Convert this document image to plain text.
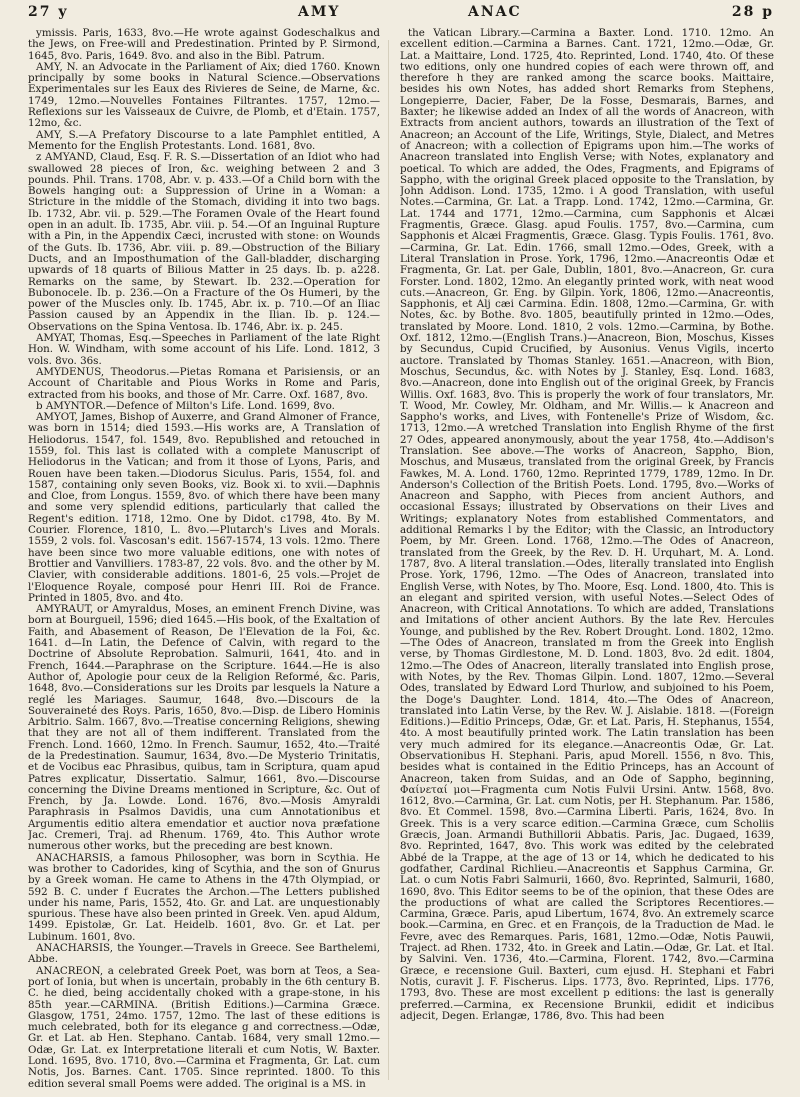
27 y	AMY	ANAC	28 p

ymissis. Paris, 1633, 8vo.—He wrote against Godeschalkus and the Jews, on Free-will and Predestination. Printed by P. Sirmond, 1645, 8vo. Paris, 1649. 8vo. and also in the Bibl. Patrum.

AMY, N. an Advocate in the Parliament of Aix; died 1760. Known principally by some books in Natural Science.—Observations Experimentales sur les Eaux des Rivieres de Seine, de Marne, &c. 1749, 12mo.—Nouvelles Fontaines Filtrantes. 1757, 12mo.—Reflexions sur les Vaisseaux de Cuivre, de Plomb, et d'Etain. 1757, 12mo, &c.

AMY, S.—A Prefatory Discourse to a late Pamphlet entitled, A Memento for the English Protestants. Lond. 1681, 8vo.

z AMYAND, Claud, Esq. F. R. S.—Dissertation of an Idiot who had swallowed 28 pieces of Iron, &c. weighing between 2 and 3 pounds. Phil. Trans. 1708, Abr. v. p. 433.—Of a Child born with the Bowels hanging out: a Suppression of Urine in a Woman: a Stricture in the middle of the Stomach, dividing it into two bags. Ib. 1732, Abr. vii. p. 529.—The Foramen Ovale of the Heart found open in an adult. Ib. 1735, Abr. viii. p. 54.—Of an Inguinal Rupture with a Pin, in the Appendix Cæci, incrusted with stone: on Wounds of the Guts. Ib. 1736, Abr. viii. p. 89.—Obstruction of the Biliary Ducts, and an Imposthumation of the Gall-bladder, discharging upwards of 18 quarts of Bilious Matter in 25 days. Ib. p. a228. Remarks on the same, by Stewart. Ib. 232.—Operation for Bubonocele. Ib. p. 236.—On a Fracture of the Os Humeri, by the power of the Muscles only. Ib. 1745, Abr. ix. p. 710.—Of an Iliac Passion caused by an Appendix in the Ilian. Ib. p. 124.—Observations on the Spina Ventosa. Ib. 1746, Abr. ix. p. 245.

AMYAT, Thomas, Esq.—Speeches in Parliament of the late Right Hon. W. Windham, with some account of his Life. Lond. 1812, 3 vols. 8vo. 36s.

AMYDENUS, Theodorus.—Pietas Romana et Parisiensis, or an Account of Charitable and Pious Works in Rome and Paris, extracted from his books, and those of Mr. Carre. Oxf. 1687, 8vo.

b AMYNTOR.—Defence of Milton's Life. Lond. 1699, 8vo.

AMYOT, James, Bishop of Auxerre, and Grand Almoner of France, was born in 1514; died 1593.—His works are, A Translation of Heliodorus. 1547, fol. 1549, 8vo. Republished and retouched in 1559, fol. This last is collated with a complete Manuscript of Heliodorus in the Vatican; and from it those of Lyons, Paris, and Rouen have been taken.—Diodorus Siculus. Paris, 1554, fol. and 1587, containing only seven Books, viz. Book xi. to xvii.—Daphnis and Cloe, from Longus. 1559, 8vo. of which there have been many and some very splendid editions, particularly that called the Regent's edition. 1718, 12mo. One by Didot. c1798, 4to. By M. Courier. Florence, 1810, L. 8vo.—Plutarch's Lives and Morals. 1559, 2 vols. fol. Vascosan's edit. 1567-1574, 13 vols. 12mo. There have been since two more valuable editions, one with notes of Brottier and Vanvilliers. 1783-87, 22 vols. 8vo. and the other by M. Clavier, with considerable additions. 1801-6, 25 vols.—Projet de l'Eloquence Royale, composé pour Henri III. Roi de France. Printed in 1805, 8vo. and 4to.

AMYRAUT, or Amyraldus, Moses, an eminent French Divine, was born at Bourgueil, 1596; died 1645.—His book, of the Exaltation of Faith, and Abasement of Reason, De l'Elevation de la Foi, &c. 1641. d—In Latin, the Defence of Calvin, with regard to the Doctrine of Absolute Reprobation. Salmurii, 1641, 4to. and in French, 1644.—Paraphrase on the Scripture. 1644.—He is also Author of, Apologie pour ceux de la Religion Reformé, &c. Paris, 1648, 8vo.—Considerations sur les Droits par lesquels la Nature a reglé les Mariages. Saumur, 1648, 8vo.—Discours de la Souveraineté des Roys. Paris, 1650, 8vo.—Disp. de Libero Hominis Arbitrio. Salm. 1667, 8vo.—Treatise concerning Religions, shewing that they are not all of them indifferent. Translated from the French. Lond. 1660, 12mo. In French. Saumur, 1652, 4to.—Traité de la Predestination. Saumur, 1634, 8vo.—De Mysterio Trinitatis, et de Vocibus eac Phrasibus, quibus, tam in Scriptura, quam apud Patres explicatur, Dissertatio. Salmur, 1661, 8vo.—Discourse concerning the Divine Dreams mentioned in Scripture, &c. Out of French, by Ja. Lowde. Lond. 1676, 8vo.—Mosis Amyraldi Paraphrasis in Psalmos Davidis, una cum Annotationibus et Argumentis editio altera emendatior et auctior nova præfatione Jac. Cremeri, Traj. ad Rhenum. 1769, 4to. This Author wrote numerous other works, but the preceding are best known.

ANACHARSIS, a famous Philosopher, was born in Scythia. He was brother to Cadorides, king of Scythia, and the son of Gnurus by a Greek woman. He came to Athens in the 47th Olympiad, or 592 B. C. under f Eucrates the Archon.—The Letters published under his name, Paris, 1552, 4to. Gr. and Lat. are unquestionably spurious. These have also been printed in Greek. Ven. apud Aldum, 1499. Epistolæ, Gr. Lat. Heidelb. 1601, 8vo. Gr. et Lat. per Lubinum. 1601, 8vo.

ANACHARSIS, the Younger.—Travels in Greece. See Barthelemi, Abbe.

ANACREON, a celebrated Greek Poet, was born at Teos, a Sea-port of Ionia, but when is uncertain, probably in the 6th century B. C. he died, being accidentally choked with a grape-stone, in his 85th year.—CARMINA. (British Editions.)—Carmina Græce. Glasgow, 1751, 24mo. 1757, 12mo. The last of these editions is much celebrated, both for its elegance g and correctness.—Odæ, Gr. et Lat. ab Hen. Stephano. Cantab. 1684, very small 12mo.—Odæ, Gr. Lat. ex Interpretatione literali et cum Notis, W. Baxter. Lond. 1695, 8vo. 1710, 8vo.—Carmina et Fragmenta, Gr. Lat. cum Notis, Jos. Barnes. Cant. 1705. Since reprinted. 1800. To this edition several small Poems were added. The original is a MS. in

the Vatican Library.—Carmina a Baxter. Lond. 1710. 12mo. An excellent edition.—Carmina a Barnes. Cant. 1721, 12mo.—Odæ, Gr. Lat. a Maittaire, Lond. 1725, 4to. Reprinted, Lond. 1740, 4to. Of these two editions, only one hundred copies of each were thrown off, and therefore h they are ranked among the scarce books. Maittaire, besides his own Notes, has added short Remarks from Stephens, Longepierre, Dacier, Faber, De la Fosse, Desmarais, Barnes, and Baxter; he likewise added an Index of all the words of Anacreon, with Extracts from ancient authors, towards an illustration of the Text of Anacreon; an Account of the Life, Writings, Style, Dialect, and Metres of Anacreon; with a collection of Epigrams upon him.—The works of Anacreon translated into English Verse; with Notes, explanatory and poetical. To which are added, the Odes, Fragments, and Epigrams of Sappho, with the original Greek placed opposite to the Translation, by John Addison. Lond. 1735, 12mo. i A good Translation, with useful Notes.—Carmina, Gr. Lat. a Trapp. Lond. 1742, 12mo.—Carmina, Gr. Lat. 1744 and 1771, 12mo.—Carmina, cum Sapphonis et Alcæi Fragmentis, Græce. Glasg. apud Foulis. 1757, 8vo.—Carmina, cum Sapphonis et Alcæi Fragmentis, Græce. Glasg. Typis Foulis. 1761, 8vo.—Carmina, Gr. Lat. Edin. 1766, small 12mo.—Odes, Greek, with a Literal Translation in Prose. York, 1796, 12mo.—Anacreontis Odæ et Fragmenta, Gr. Lat. per Gale, Dublin, 1801, 8vo.—Anacreon, Gr. cura Forster. Lond. 1802, 12mo. An elegantly printed work, with neat wood cuts.—Anacreon, Gr. Eng. by Gilpin. York, 1806, 12mo.—Anacreontis, Sapphonis, et Alj cæi Carmina. Edin. 1808, 12mo.—Carmina, Gr. with Notes, &c. by Bothe. 8vo. 1805, beautifully printed in 12mo.—Odes, translated by Moore. Lond. 1810, 2 vols. 12mo.—Carmina, by Bothe. Oxf. 1812, 12mo.—(English Trans.)—Anacreon, Bion, Moschus, Kisses by Secundus, Cupid Crucified, by Ausonius. Venus Vigils, incerto auctore. Translated by Thomas Stanley. 1651.—Anacreon, with Bion, Moschus, Secundus, &c. with Notes by J. Stanley, Esq. Lond. 1683, 8vo.—Anacreon, done into English out of the original Greek, by Francis Willis. Oxf. 1683, 8vo. This is properly the work of four translators, Mr. T. Wood, Mr. Cowley, Mr. Oldham, and Mr. Willis.— k Anacreon and Sappho's works, and Lives, with Fontenelle's Prize of Wisdom, &c. 1713, 12mo.—A wretched Translation into English Rhyme of the first 27 Odes, appeared anonymously, about the year 1758, 4to.—Addison's Translation. See above.—The works of Anacreon, Sappho, Bion, Moschus, and Musæus, translated from the original Greek, by Francis Fawkes, M. A. Lond. 1760, 12mo. Reprinted 1779, 1789, 12mo. In Dr. Anderson's Collection of the British Poets. Lond. 1795, 8vo.—Works of Anacreon and Sappho, with Pieces from ancient Authors, and occasional Essays; illustrated by Observations on their Lives and Writings; explanatory Notes from established Commentators, and additional Remarks l by the Editor; with the Classic, an Introductory Poem, by Mr. Green. Lond. 1768, 12mo.—The Odes of Anacreon, translated from the Greek, by the Rev. D. H. Urquhart, M. A. Lond. 1787, 8vo. A literal translation.—Odes, literally translated into English Prose. York, 1796, 12mo. —The Odes of Anacreon, translated into English Verse, with Notes, by Tho. Moore, Esq. Lond. 1800, 4to. This is an elegant and spirited version, with useful Notes.—Select Odes of Anacreon, with Critical Annotations. To which are added, Translations and Imitations of other ancient Authors. By the late Rev. Hercules Younge, and published by the Rev. Robert Drought. Lond. 1802, 12mo.—The Odes of Anacreon, translated m from the Greek into English verse, by Thomas Girdlestone, M. D. Lond. 1803, 8vo. 2d edit. 1804, 12mo.—The Odes of Anacreon, literally translated into English prose, with Notes, by the Rev. Thomas Gilpin. Lond. 1807, 12mo.—Several Odes, translated by Edward Lord Thurlow, and subjoined to his Poem, the Doge's Daughter. Lond. 1814, 4to.—The Odes of Anacreon, translated into Latin Verse, by the Rev. W. J. Aislabie. 1818. —(Foreign Editions.)—Editio Princeps, Odæ, Gr. et Lat. Paris, H. Stephanus, 1554, 4to. A most beautifully printed work. The Latin translation has been very much admired for its elegance.—Anacreontis Odæ, Gr. Lat. Observationibus H. Stephani. Paris, apud Morell. 1556, n 8vo. This, besides what is contained in the Editio Princeps, has an Account of Anacreon, taken from Suidas, and an Ode of Sappho, beginning, Φαίνεταί μοι—Fragmenta cum Notis Fulvii Ursini. Antw. 1568, 8vo. 1612, 8vo.—Carmina, Gr. Lat. cum Notis, per H. Stephanum. Par. 1586, 8vo. Et Commel. 1598, 8vo.—Carmina Liberti. Paris, 1624, 8vo. In Greek. This is a very scarce edition.—Carmina Græce, cum Scholiis Græcis, Joan. Armandi Buthillorii Abbatis. Paris, Jac. Dugaed, 1639, 8vo. Reprinted, 1647, 8vo. This work was edited by the celebrated Abbé de la Trappe, at the age of 13 or 14, which he dedicated to his godfather, Cardinal Richlieu.—Anacreontis et Sapphus Carmina, Gr. Lat. o cum Notis Fabri Salmurii, 1660, 8vo. Reprinted, Salmurii, 1680, 1690, 8vo. This Editor seems to be of the opinion, that these Odes are the productions of what are called the Scriptores Recentiores.—Carmina, Græce. Paris, apud Libertum, 1674, 8vo. An extremely scarce book.—Carmina, en Grec. et en François, de la Traduction de Mad. le Fevre, avec des Remarques. Paris, 1681, 12mo.—Odæ, Notis Pauwii, Traject. ad Rhen. 1732, 4to. in Greek and Latin.—Odæ, Gr. Lat. et Ital. by Salvini. Ven. 1736, 4to.—Carmina, Florent. 1742, 8vo.—Carmina Græce, e recensione Guil. Baxteri, cum ejusd. H. Stephani et Fabri Notis, curavit J. F. Fischerus. Lips. 1773, 8vo. Reprinted, Lips. 1776, 1793, 8vo. These are most excellent p editions: the last is generally preferred.—Carmina, ex Recensione Brunkii, edidit et indicibus adjecit, Degen. Erlangæ, 1786, 8vo. This had been
